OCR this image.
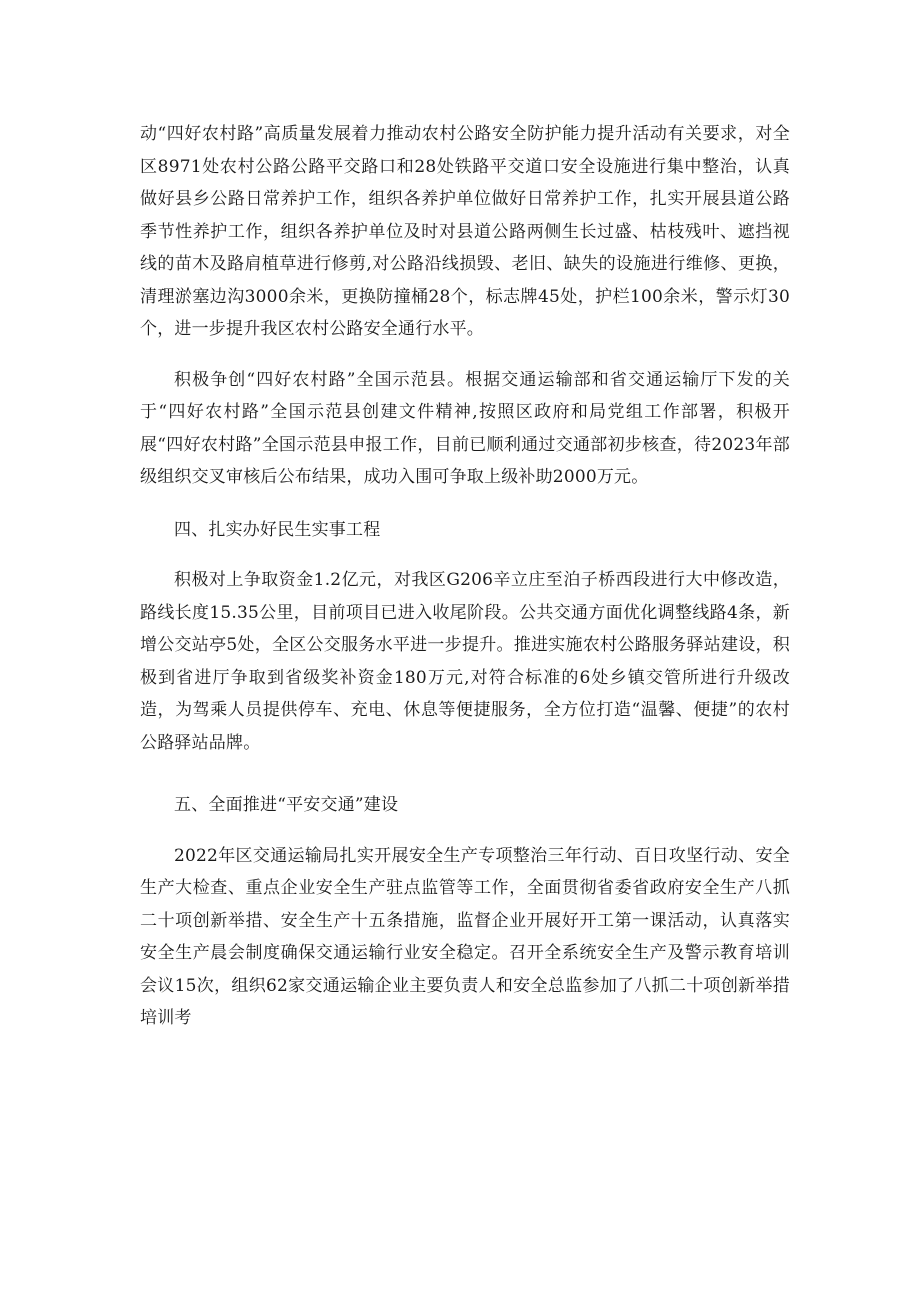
动“四好农村路”高质量发展着力推动农村公路安全防护能力提升活动有关要求，对全区8971处农村公路公路平交路口和28处铁路平交道口安全设施进行集中整治，认真做好县乡公路日常养护工作，组织各养护单位做好日常养护工作，扎实开展县道公路季节性养护工作，组织各养护单位及时对县道公路两侧生长过盛、枯枝残叶、遮挡视线的苗木及路肩植草进行修剪,对公路沿线损毁、老旧、缺失的设施进行维修、更换，清理淤塞边沟3000余米，更换防撞桶28个，标志牌45处，护栏100余米，警示灯30个，进一步提升我区农村公路安全通行水平。

积极争创“四好农村路”全国示范县。根据交通运输部和省交通运输厅下发的关于“四好农村路”全国示范县创建文件精神,按照区政府和局党组工作部署，积极开展“四好农村路”全国示范县申报工作，目前已顺利通过交通部初步核查，待2023年部级组织交叉审核后公布结果，成功入围可争取上级补助2000万元。

四、扎实办好民生实事工程

积极对上争取资金1.2亿元，对我区G206辛立庄至泊子桥西段进行大中修改造，路线长度15.35公里，目前项目已进入收尾阶段。公共交通方面优化调整线路4条，新增公交站亭5处，全区公交服务水平进一步提升。推进实施农村公路服务驿站建设，积极到省进厅争取到省级奖补资金180万元,对符合标准的6处乡镇交管所进行升级改造，为驾乘人员提供停车、充电、休息等便捷服务，全方位打造“温馨、便捷”的农村公路驿站品牌。

五、全面推进“平安交通”建设

2022年区交通运输局扎实开展安全生产专项整治三年行动、百日攻坚行动、安全生产大检查、重点企业安全生产驻点监管等工作，全面贯彻省委省政府安全生产八抓二十项创新举措、安全生产十五条措施，监督企业开展好开工第一课活动，认真落实安全生产晨会制度确保交通运输行业安全稳定。召开全系统安全生产及警示教育培训会议15次，组织62家交通运输企业主要负责人和安全总监参加了八抓二十项创新举措培训考
